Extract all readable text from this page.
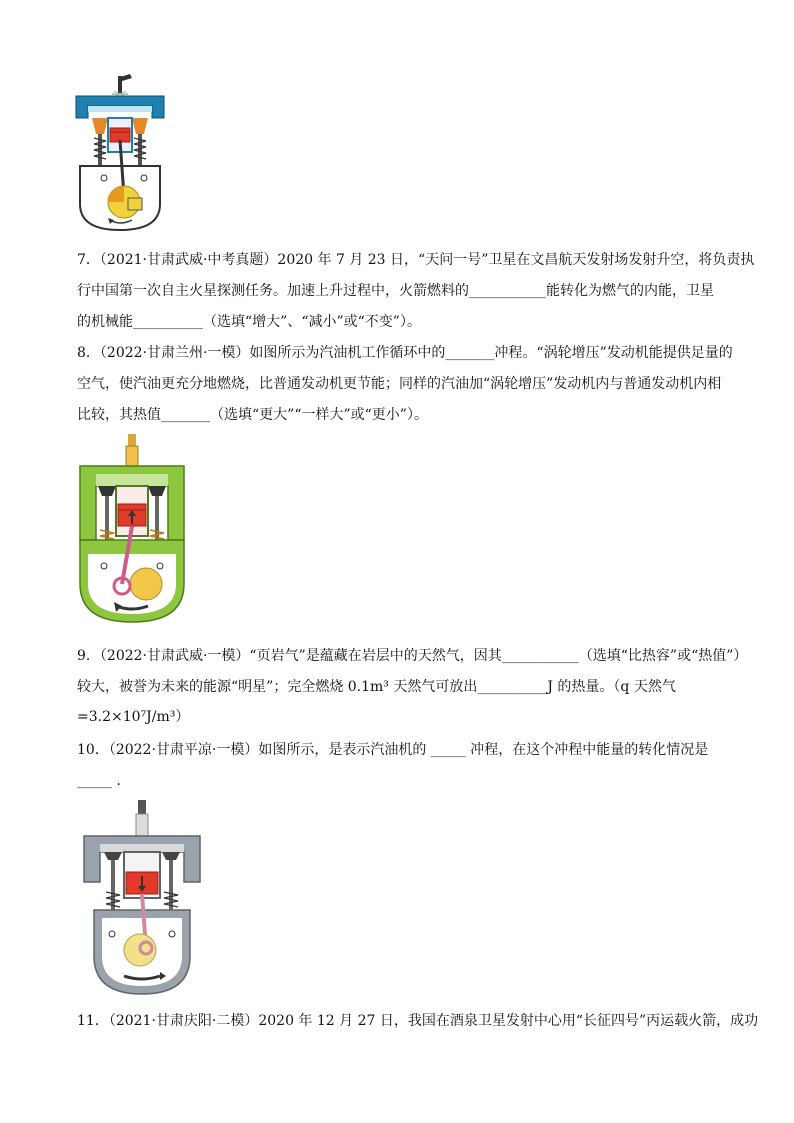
7．（2021·甘肃武威·中考真题）2020 年 7 月 23 日，“天问一号”卫星在文昌航天发射场发射升空，将负责执
行中国第一次自主火星探测任务。加速上升过程中，火箭燃料的___________能转化为燃气的内能，卫星
的机械能__________（选填“增大”、“减小”或“不变”）。
8．（2022·甘肃兰州·一模）如图所示为汽油机工作循环中的_______冲程。“涡轮增压”发动机能提供足量的
空气，使汽油更充分地燃烧，比普通发动机更节能；同样的汽油加“涡轮增压”发动机内与普通发动机内相
比较，其热值_______（选填“更大”“一样大”或“更小”）。
9．（2022·甘肃武威·一模）“页岩气”是蕴藏在岩层中的天然气，因其___________（选填“比热容”或“热值”）
较大，被誉为未来的能源“明星”；完全燃烧 0.1m³ 天然气可放出__________J 的热量。（q 天然气
=3.2×10⁷J/m³）
10．（2022·甘肃平凉·一模）如图所示，是表示汽油机的 _____ 冲程，在这个冲程中能量的转化情况是
_____ ．
11．（2021·甘肃庆阳·二模）2020 年 12 月 27 日，我国在酒泉卫星发射中心用“长征四号”丙运载火箭，成功
